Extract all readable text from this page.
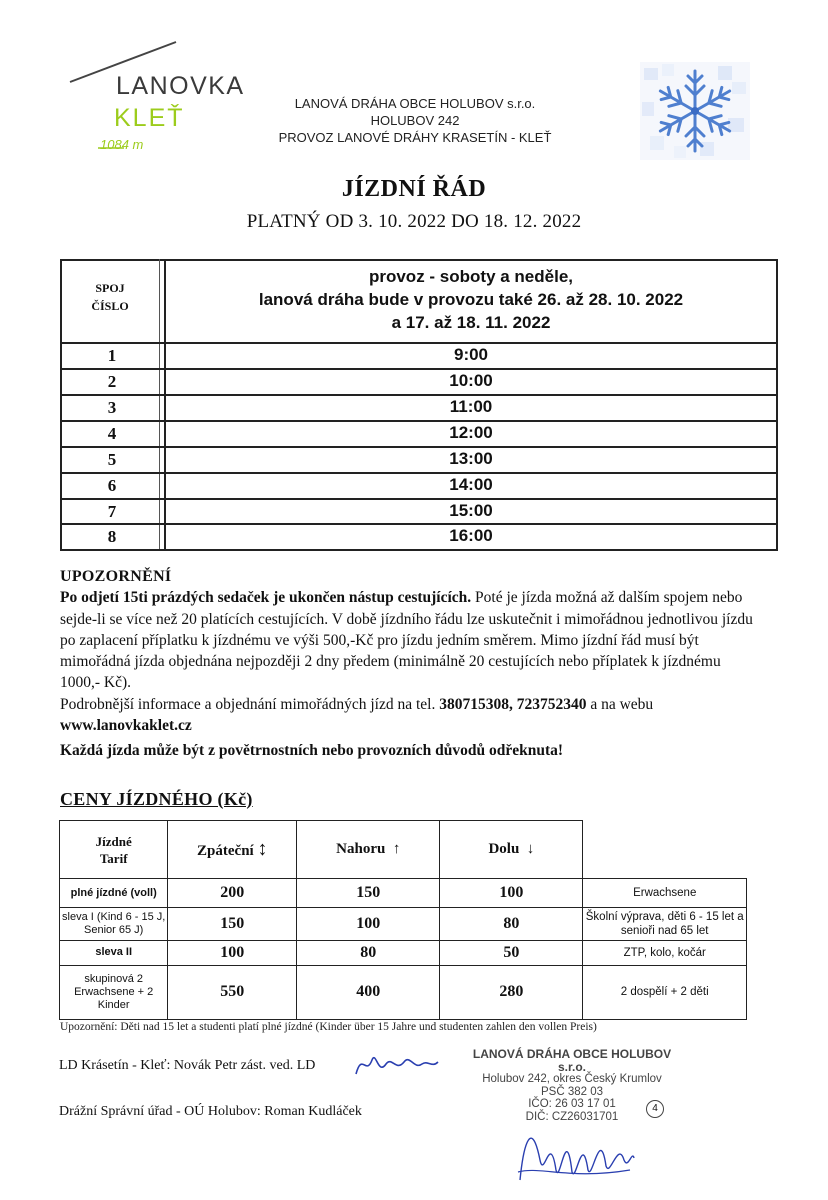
LANOVKA
KLEŤ
1084 m
LANOVÁ DRÁHA OBCE HOLUBOV s.r.o.
HOLUBOV 242
PROVOZ LANOVÉ DRÁHY KRASETÍN - KLEŤ
JÍZDNÍ ŘÁD
PLATNÝ OD 3. 10. 2022 DO 18. 12. 2022
SPOJ
ČÍSLO
provoz - soboty a neděle,
lanová dráha bude v provozu také 26. až 28. 10. 2022
a 17. až 18. 11. 2022
1	9:00
2	10:00
3	11:00
4	12:00
5	13:00
6	14:00
7	15:00
8	16:00
UPOZORNĚNÍ
Po odjetí 15ti prázdých sedaček je ukončen nástup cestujících. Poté je jízda možná až dalším spojem nebo sejde-li se více než 20 platících cestujících. V době jízdního řádu lze uskutečnit i mimořádnou jednotlivou jízdu po zaplacení příplatku k jízdnému ve výši 500,-Kč pro jízdu jedním směrem. Mimo jízdní řád musí být mimořádná jízda objednána nejpozději 2 dny předem (minimálně 20 cestujících nebo příplatek k jízdnému 1000,- Kč).
Podrobnější informace a objednání mimořádných jízd na tel. 380715308, 723752340 a na webu www.lanovkaklet.cz
Každá jízda může být z povětrnostních nebo provozních důvodů odřeknuta!
CENY JÍZDNÉHO (Kč)
Jízdné
Tarif	Zpáteční ↕	Nahoru ↑	Dolu ↓	
plné jízdné (voll)	200	150	100	Erwachsene
sleva I (Kind 6 - 15 J, Senior 65 J)	150	100	80	Školní výprava, děti 6 - 15 let a senioři nad 65 let
sleva II	100	80	50	ZTP, kolo, kočár
skupinová 2 Erwachsene + 2 Kinder	550	400	280	2 dospělí + 2 děti
Upozornění: Děti nad 15 let a studenti platí plné jízdné (Kinder über 15 Jahre und studenten zahlen den vollen Preis)
LD Krásetín - Kleť: Novák Petr zást. ved. LD
Drážní Správní úřad - OÚ Holubov: Roman Kudláček
LANOVÁ DRÁHA OBCE HOLUBOV s.r.o.
Holubov 242, okres Český Krumlov
PSČ 382 03
IČO: 26 03 17 01
DIČ: CZ26031701
4
